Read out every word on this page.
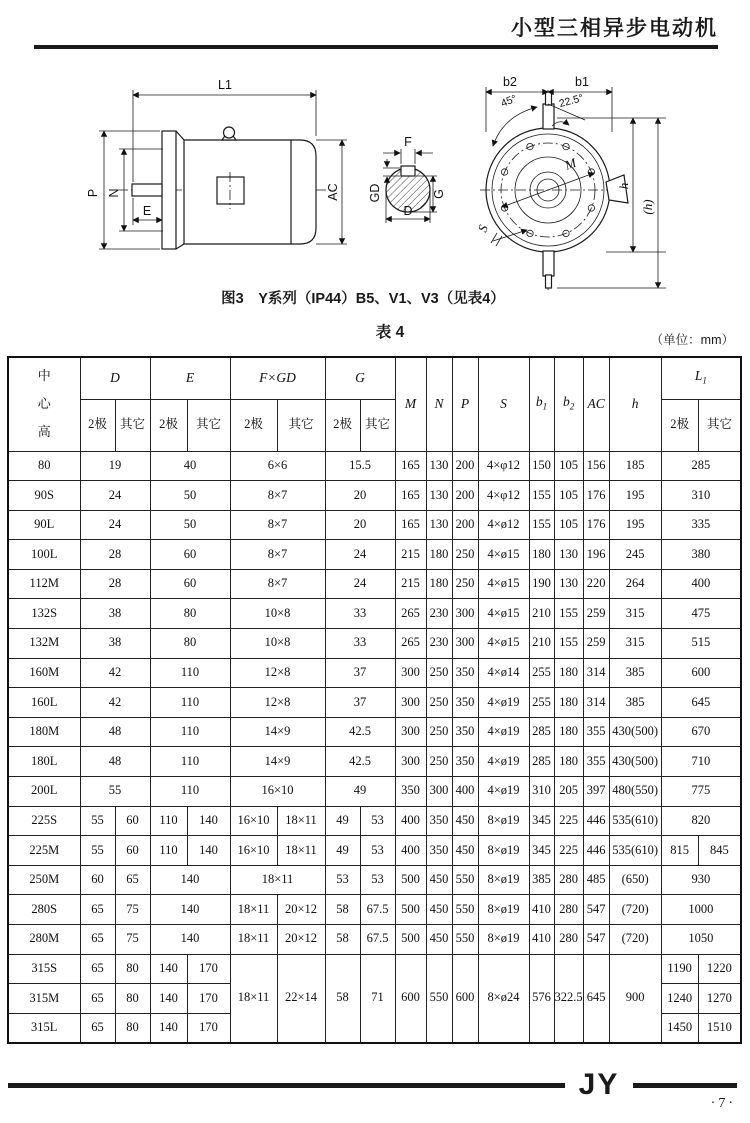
小型三相异步电动机
L1
P N
E
AC
F
GD	G
D
b2	b1
45°	22.5°
M
S
h
(h)
图3　Y系列（IP44）B5、V1、V3（见表4）
表 4	（单位：mm）
中
心
高	D		E		F×GD		G		M	N	P	S	$b_1$	$b_2$	AC	h	$L_1$
	2极	其它	2极	其它	2极	其它	2极	其它									2极	其它
80	19		40		6×6		15.5		165	130	200	4×φ12	150	105	156	185	285	
90S	24		50		8×7		20		165	130	200	4×φ12	155	105	176	195	310	
90L	24		50		8×7		20		165	130	200	4×ø12	155	105	176	195	335	
100L	28		60		8×7		24		215	180	250	4×ø15	180	130	196	245	380	
112M	28		60		8×7		24		215	180	250	4×ø15	190	130	220	264	400	
132S	38		80		10×8		33		265	230	300	4×ø15	210	155	259	315	475	
132M	38		80		10×8		33		265	230	300	4×ø15	210	155	259	315	515	
160M	42		110		12×8		37		300	250	350	4×ø14	255	180	314	385	600	
160L	42		110		12×8		37		300	250	350	4×ø19	255	180	314	385	645	
180M	48		110		14×9		42.5		300	250	350	4×ø19	285	180	355	430(500)	670	
180L	48		110		14×9		42.5		300	250	350	4×ø19	285	180	355	430(500)	710	
200L	55		110		16×10		49		350	300	400	4×ø19	310	205	397	480(550)	775	
225S	55	60	110	140	16×10	18×11	49	53	400	350	450	8×ø19	345	225	446	535(610)	820	
225M	55	60	110	140	16×10	18×11	49	53	400	350	450	8×ø19	345	225	446	535(610)	815	845
250M	60	65	140		18×11		53	53	500	450	550	8×ø19	385	280	485	(650)	930	
280S	65	75	140		18×11	20×12	58	67.5	500	450	550	8×ø19	410	280	547	(720)	1000	
280M	65	75	140		18×11	20×12	58	67.5	500	450	550	8×ø19	410	280	547	(720)	1050	
315S	65	80	140	170	18×11	22×14	58	71	600	550	600	8×ø24	576	322.5	645	900	1190	1220
315M	65	80	140	170													1240	1270
315L	65	80	140	170													1450	1510
JY
·7·
